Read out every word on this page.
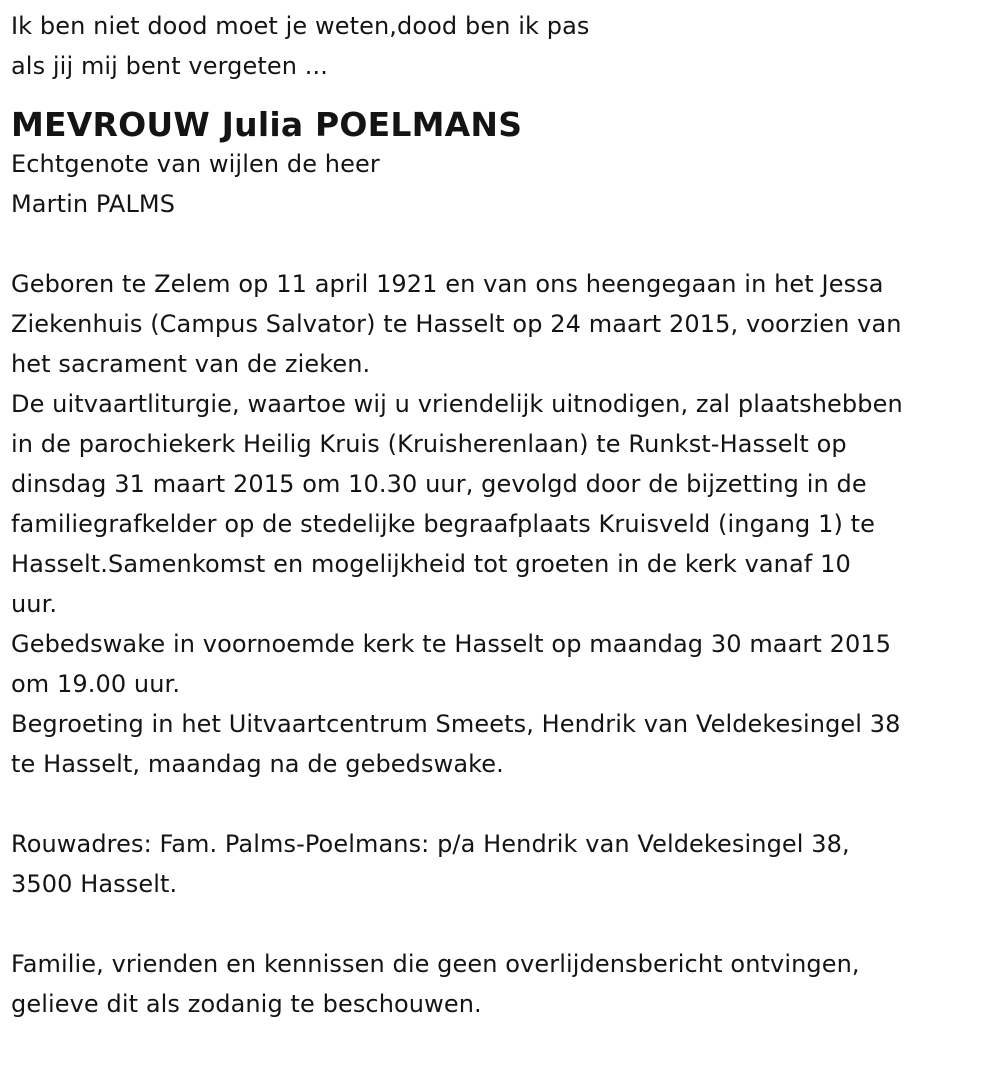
Ik ben niet dood moet je weten,dood ben ik pas
als jij mij bent vergeten ...
MEVROUW Julia POELMANS
Echtgenote van wijlen de heer
Martin PALMS
Geboren te Zelem op 11 april 1921 en van ons heengegaan in het Jessa
Ziekenhuis (Campus Salvator) te Hasselt op 24 maart 2015, voorzien van
het sacrament van de zieken.
De uitvaartliturgie, waartoe wij u vriendelijk uitnodigen, zal plaatshebben
in de parochiekerk Heilig Kruis (Kruisherenlaan) te Runkst-Hasselt op
dinsdag 31 maart 2015 om 10.30 uur, gevolgd door de bijzetting in de
familiegrafkelder op de stedelijke begraafplaats Kruisveld (ingang 1) te
Hasselt.Samenkomst en mogelijkheid tot groeten in de kerk vanaf 10
uur.
Gebedswake in voornoemde kerk te Hasselt op maandag 30 maart 2015
om 19.00 uur.
Begroeting in het Uitvaartcentrum Smeets, Hendrik van Veldekesingel 38
te Hasselt, maandag na de gebedswake.
Rouwadres: Fam. Palms-Poelmans: p/a Hendrik van Veldekesingel 38,
3500 Hasselt.
Familie, vrienden en kennissen die geen overlijdensbericht ontvingen,
gelieve dit als zodanig te beschouwen.
